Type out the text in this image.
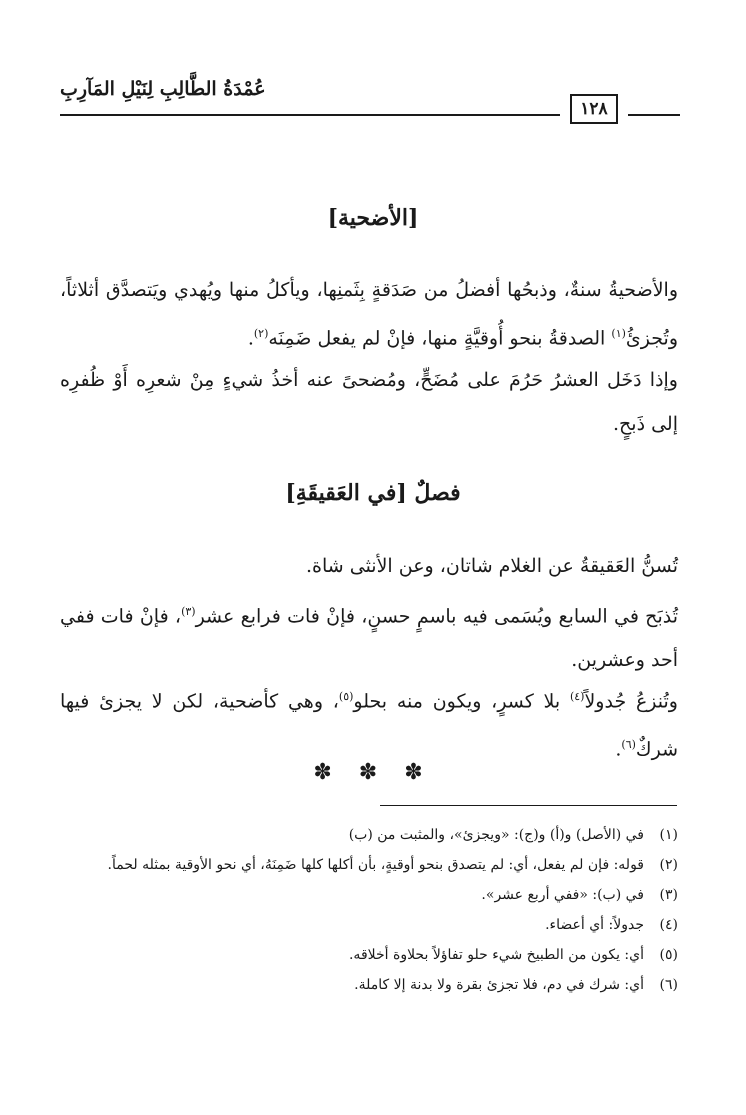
عُمْدَةُ الطَّالِبِ لِنَيْلِ المَآرِبِ
١٢٨
[الأضحية]
والأضحيةُ سنةٌ، وذبحُها أفضلُ من صَدَقةٍ بِثَمنِها، ويأكلُ منها ويُهدي ويَتصدَّق أثلاثاً، وتُجزئُ$^{(١)}$ الصدقةُ بنحو أُوقيَّةٍ منها، فإنْ لم يفعل ضَمِنَه$^{(٢)}$.
وإذا دَخَل العشرُ حَرُمَ على مُضَحٍّ، ومُضحىً عنه أخذُ شيءٍ مِنْ شعرِه أَوْ ظُفرِه إلى ذَبحٍ.
فصلٌ [في العَقيقَةِ]
تُسنُّ العَقيقةُ عن الغلام شاتان، وعن الأنثى شاة.
تُذبَح في السابع ويُسَمى فيه باسمٍ حسنٍ، فإنْ فات فرابع عشر$^{(٣)}$، فإنْ فات ففي أحد وعشرين.
وتُنزعُ جُدولاً$^{(٤)}$ بلا كسرٍ، ويكون منه بحلو$^{(٥)}$، وهي كأضحية، لكن لا يجزئ فيها شركٌ$^{(٦)}$.
✽ ✽ ✽
(١)
في (الأصل) و(أ) و(ج): «ويجزئ»، والمثبت من (ب)
(٢)
قوله: فإن لم يفعل، أي: لم يتصدق بنحو أوقيةٍ، بأن أكلها كلها ضَمِنَهُ، أي نحو الأوقية بمثله لحماً.
(٣)
في (ب): «ففي أربع عشر».
(٤)
جدولاً: أي أعضاء.
(٥)
أي: يكون من الطبيخ شيء حلو تفاؤلاً بحلاوة أخلاقه.
(٦)
أي: شرك في دم، فلا تجزئ بقرة ولا بدنة إلا كاملة.
